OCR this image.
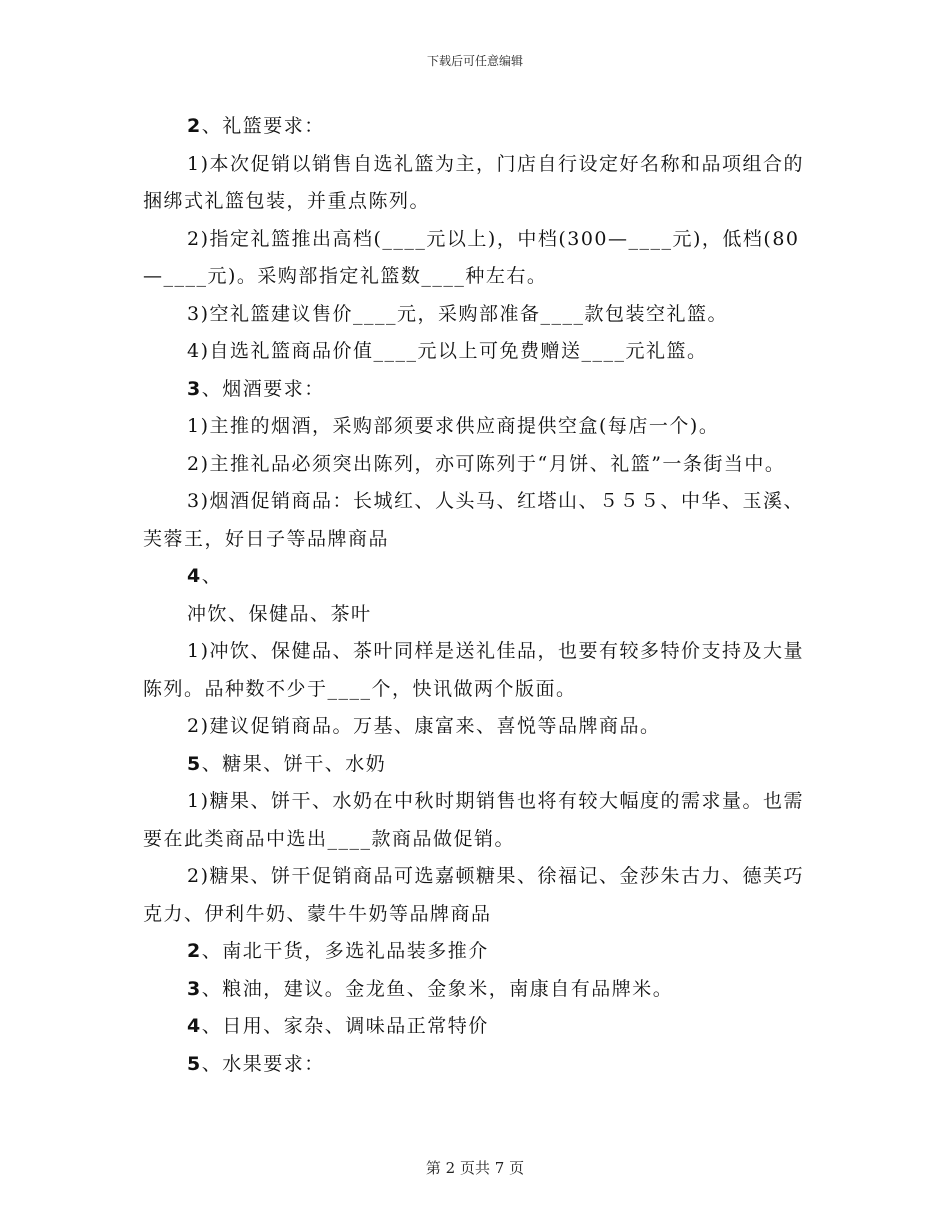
下载后可任意编辑

2、礼篮要求：

1)本次促销以销售自选礼篮为主，门店自行设定好名称和品项组合的捆绑式礼篮包装，并重点陈列。

2)指定礼篮推出高档(____元以上)，中档(300—____元)，低档(80—____元)。采购部指定礼篮数____种左右。

3)空礼篮建议售价____元，采购部准备____款包装空礼篮。

4)自选礼篮商品价值____元以上可免费赠送____元礼篮。

3、烟酒要求：

1)主推的烟酒，采购部须要求供应商提供空盒(每店一个)。

2)主推礼品必须突出陈列，亦可陈列于“月饼、礼篮”一条街当中。

3)烟酒促销商品：长城红、人头马、红塔山、５５５、中华、玉溪、芙蓉王，好日子等品牌商品

4、

冲饮、保健品、茶叶

1)冲饮、保健品、茶叶同样是送礼佳品，也要有较多特价支持及大量陈列。品种数不少于____个，快讯做两个版面。

2)建议促销商品。万基、康富来、喜悦等品牌商品。

5、糖果、饼干、水奶

1)糖果、饼干、水奶在中秋时期销售也将有较大幅度的需求量。也需要在此类商品中选出____款商品做促销。

2)糖果、饼干促销商品可选嘉顿糖果、徐福记、金莎朱古力、德芙巧克力、伊利牛奶、蒙牛牛奶等品牌商品

2、南北干货，多选礼品装多推介

3、粮油，建议。金龙鱼、金象米，南康自有品牌米。

4、日用、家杂、调味品正常特价

5、水果要求：

第 2 页共 7 页
